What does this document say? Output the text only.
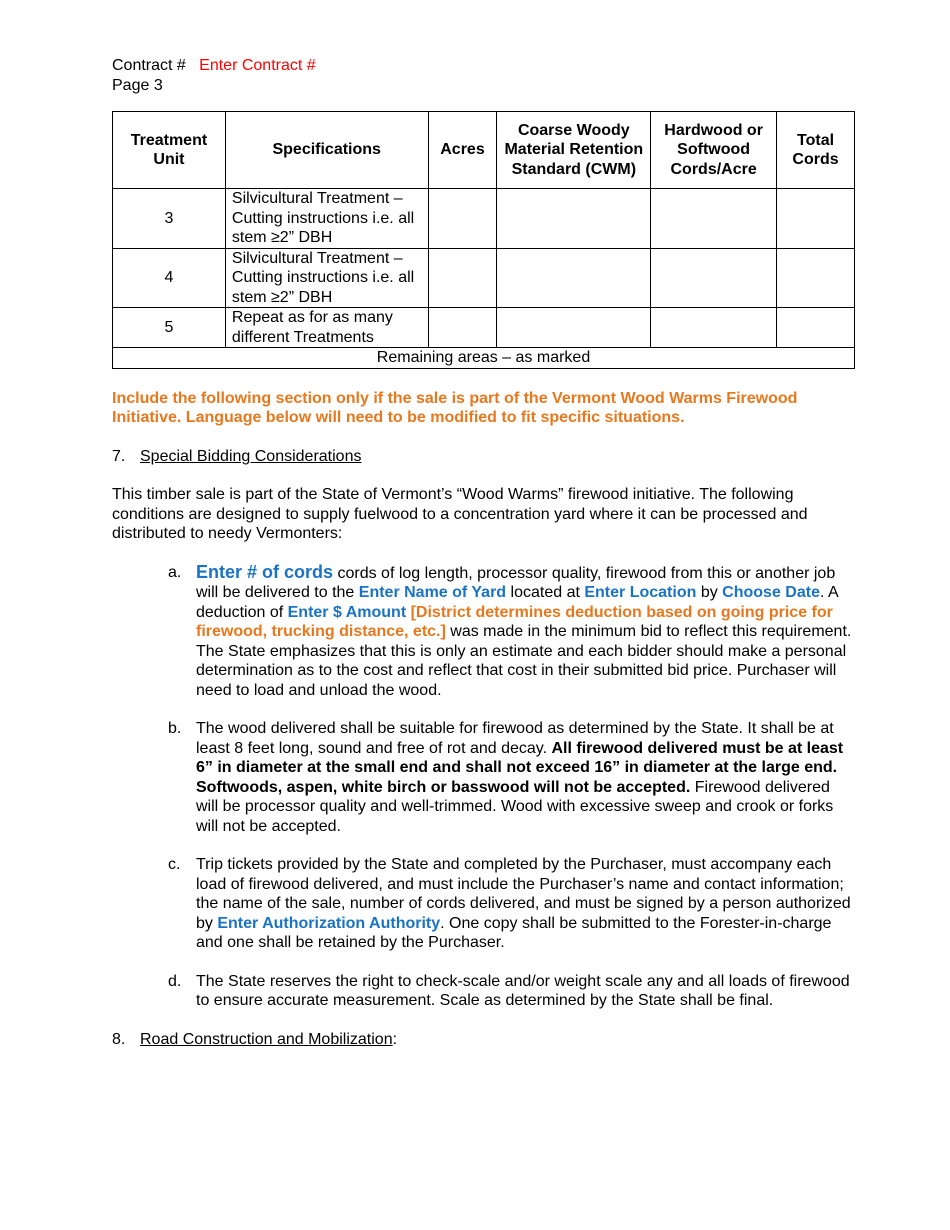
Contract # Enter Contract #
Page 3
Treatment Unit	Specifications	Acres	Coarse Woody Material Retention Standard (CWM)	Hardwood or Softwood Cords/Acre	Total Cords
3	Silvicultural Treatment – Cutting instructions i.e. all stem ≥2” DBH				
4	Silvicultural Treatment – Cutting instructions i.e. all stem ≥2” DBH				
5	Repeat as for as many different Treatments				
Remaining areas – as marked					
Include the following section only if the sale is part of the Vermont Wood Warms Firewood Initiative. Language below will need to be modified to fit specific situations.
7. Special Bidding Considerations
This timber sale is part of the State of Vermont’s “Wood Warms” firewood initiative. The following conditions are designed to supply fuelwood to a concentration yard where it can be processed and distributed to needy Vermonters:
a. Enter # of cords cords of log length, processor quality, firewood from this or another job will be delivered to the Enter Name of Yard located at Enter Location by Choose Date. A deduction of Enter $ Amount [District determines deduction based on going price for firewood, trucking distance, etc.] was made in the minimum bid to reflect this requirement. The State emphasizes that this is only an estimate and each bidder should make a personal determination as to the cost and reflect that cost in their submitted bid price. Purchaser will need to load and unload the wood.
b. The wood delivered shall be suitable for firewood as determined by the State. It shall be at least 8 feet long, sound and free of rot and decay. All firewood delivered must be at least 6” in diameter at the small end and shall not exceed 16” in diameter at the large end. Softwoods, aspen, white birch or basswood will not be accepted. Firewood delivered will be processor quality and well-trimmed. Wood with excessive sweep and crook or forks will not be accepted.
c. Trip tickets provided by the State and completed by the Purchaser, must accompany each load of firewood delivered, and must include the Purchaser’s name and contact information; the name of the sale, number of cords delivered, and must be signed by a person authorized by Enter Authorization Authority. One copy shall be submitted to the Forester-in-charge and one shall be retained by the Purchaser.
d. The State reserves the right to check-scale and/or weight scale any and all loads of firewood to ensure accurate measurement. Scale as determined by the State shall be final.
8. Road Construction and Mobilization:
